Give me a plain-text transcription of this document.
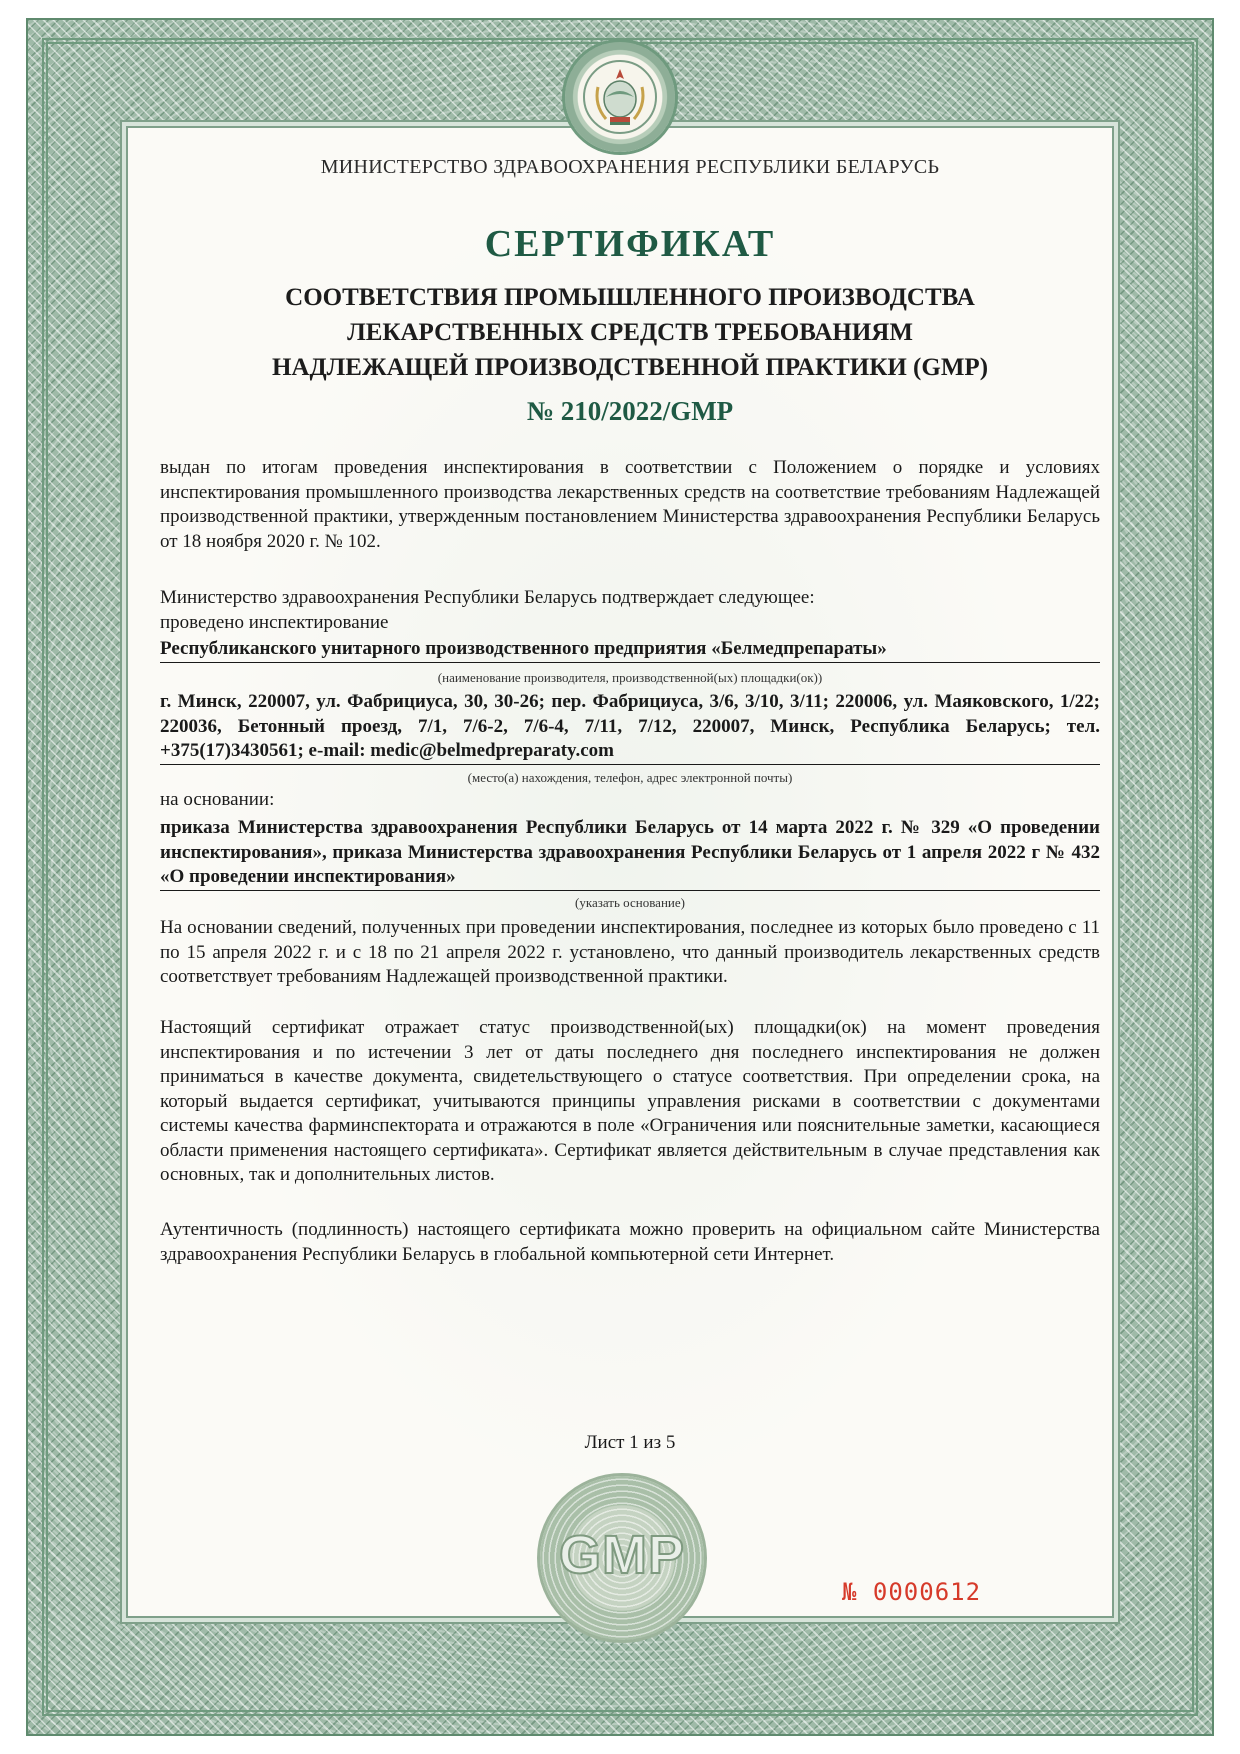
МИНИСТЕРСТВО ЗДРАВООХРАНЕНИЯ РЕСПУБЛИКИ БЕЛАРУСЬ
СЕРТИФИКАТ
СООТВЕТСТВИЯ ПРОМЫШЛЕННОГО ПРОИЗВОДСТВА
ЛЕКАРСТВЕННЫХ СРЕДСТВ ТРЕБОВАНИЯМ
НАДЛЕЖАЩЕЙ ПРОИЗВОДСТВЕННОЙ ПРАКТИКИ (GMP)
№ 210/2022/GMP
выдан по итогам проведения инспектирования в соответствии с Положением о порядке и условиях инспектирования промышленного производства лекарственных средств на соответствие требованиям Надлежащей производственной практики, утвержденным постановлением Министерства здравоохранения Республики Беларусь от 18 ноября 2020 г. № 102.
Министерство здравоохранения Республики Беларусь подтверждает следующее:
проведено инспектирование
Республиканского унитарного производственного предприятия «Белмедпрепараты»
(наименование производителя, производственной(ых) площадки(ок))
г. Минск, 220007, ул. Фабрициуса, 30, 30-26; пер. Фабрициуса, 3/6, 3/10, 3/11; 220006, ул. Маяковского, 1/22; 220036, Бетонный проезд, 7/1, 7/6-2, 7/6-4, 7/11, 7/12, 220007, Минск, Республика Беларусь; тел. +375(17)3430561; e-mail: medic@belmedpreparaty.com
(место(а) нахождения, телефон, адрес электронной почты)
на основании:
приказа Министерства здравоохранения Республики Беларусь от 14 марта 2022 г. № 329 «О проведении инспектирования», приказа Министерства здравоохранения Республики Беларусь от 1 апреля 2022 г № 432 «О проведении инспектирования»
(указать основание)
На основании сведений, полученных при проведении инспектирования, последнее из которых было проведено с 11 по 15 апреля 2022 г. и с 18 по 21 апреля 2022 г. установлено, что данный производитель лекарственных средств соответствует требованиям Надлежащей производственной практики.
Настоящий сертификат отражает статус производственной(ых) площадки(ок) на момент проведения инспектирования и по истечении 3 лет от даты последнего дня последнего инспектирования не должен приниматься в качестве документа, свидетельствующего о статусе соответствия. При определении срока, на который выдается сертификат, учитываются принципы управления рисками в соответствии с документами системы качества фарминспектората и отражаются в поле «Ограничения или пояснительные заметки, касающиеся области применения настоящего сертификата». Сертификат является действительным в случае представления как основных, так и дополнительных листов.
Аутентичность (подлинность) настоящего сертификата можно проверить на официальном сайте Министерства здравоохранения Республики Беларусь в глобальной компьютерной сети Интернет.
Лист 1 из 5
GMP
№ 0000612
